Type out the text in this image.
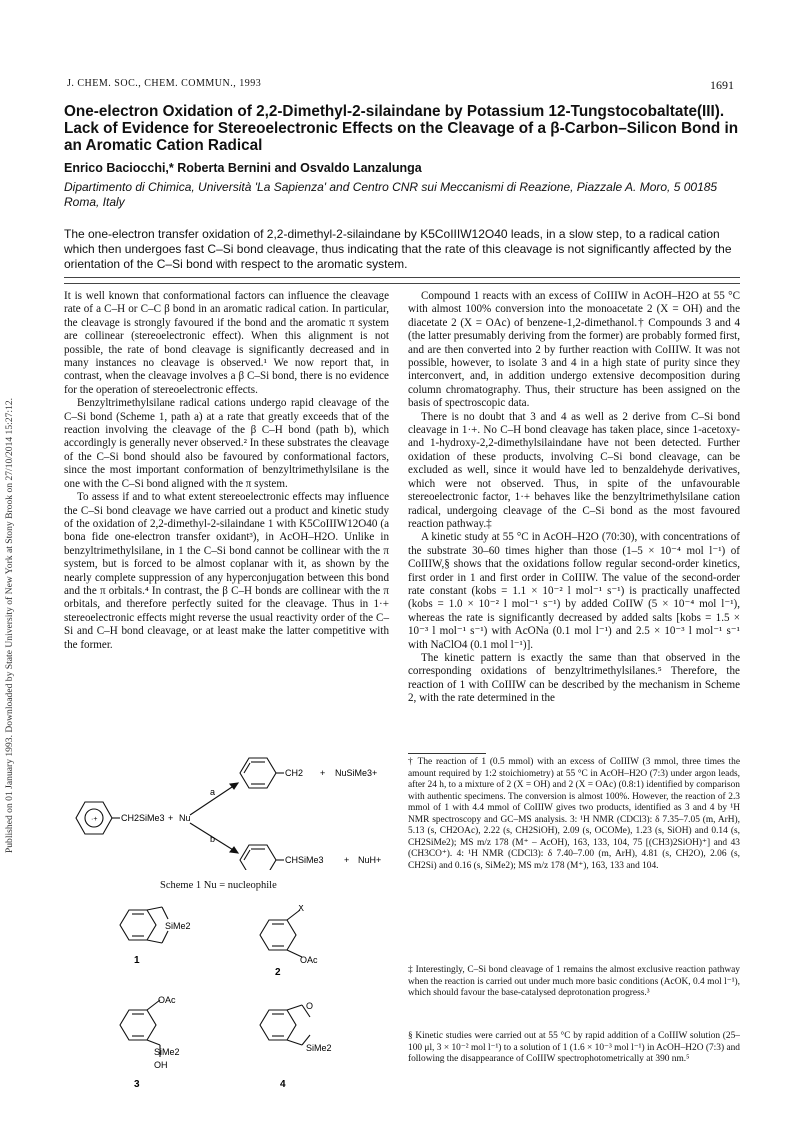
Published on 01 January 1993. Downloaded by State University of New York at Stony Brook on 27/10/2014 15:27:12.
J. CHEM. SOC., CHEM. COMMUN., 1993	1691
One-electron Oxidation of 2,2-Dimethyl-2-silaindane by Potassium 12-Tungstocobaltate(III). Lack of Evidence for Stereoelectronic Effects on the Cleavage of a β-Carbon–Silicon Bond in an Aromatic Cation Radical
Enrico Baciocchi,* Roberta Bernini and Osvaldo Lanzalunga
Dipartimento di Chimica, Università 'La Sapienza' and Centro CNR sui Meccanismi di Reazione, Piazzale A. Moro, 5 00185 Roma, Italy
The one-electron transfer oxidation of 2,2-dimethyl-2-silaindane by K5CoIIIW12O40 leads, in a slow step, to a radical cation which then undergoes fast C–Si bond cleavage, thus indicating that the rate of this cleavage is not significantly affected by the orientation of the C–Si bond with respect to the aromatic system.

It is well known that conformational factors can influence the cleavage rate of a C–H or C–C β bond in an aromatic radical cation. In particular, the cleavage is strongly favoured if the bond and the aromatic π system are collinear (stereoelectronic effect). When this alignment is not possible, the rate of bond cleavage is significantly decreased and in many instances no cleavage is observed.¹ We now report that, in contrast, when the cleavage involves a β C–Si bond, there is no evidence for the operation of stereoelectronic effects.

Benzyltrimethylsilane radical cations undergo rapid cleavage of the C–Si bond (Scheme 1, path a) at a rate that greatly exceeds that of the reaction involving the cleavage of the β C–H bond (path b), which accordingly is generally never observed.² In these substrates the cleavage of the C–Si bond should also be favoured by conformational factors, since the most important conformation of benzyltrimethylsilane is the one with the C–Si bond aligned with the π system.

To assess if and to what extent stereoelectronic effects may influence the C–Si bond cleavage we have carried out a product and kinetic study of the oxidation of 2,2-dimethyl-2-silaindane 1 with K5CoIIIW12O40 (a bona fide one-electron transfer oxidant³), in AcOH–H2O. Unlike in benzyltrimethylsilane, in 1 the C–Si bond cannot be collinear with the π system, but is forced to be almost coplanar with it, as shown by the nearly complete suppression of any hyperconjugation between this bond and the π orbitals.⁴ In contrast, the β C–H bonds are collinear with the π orbitals, and therefore perfectly suited for the cleavage. Thus in 1·+ stereoelectronic effects might reverse the usual reactivity order of the C–Si and C–H bond cleavage, or at least make the latter competitive with the former.

Compound 1 reacts with an excess of CoIIIW in AcOH–H2O at 55 °C with almost 100% conversion into the monoacetate 2 (X = OH) and the diacetate 2 (X = OAc) of benzene-1,2-dimethanol.† Compounds 3 and 4 (the latter presumably deriving from the former) are probably formed first, and are then converted into 2 by further reaction with CoIIIW. It was not possible, however, to isolate 3 and 4 in a high state of purity since they interconvert, and, in addition undergo extensive decomposition during column chromatography. Thus, their structure has been assigned on the basis of spectroscopic data.

There is no doubt that 3 and 4 as well as 2 derive from C–Si bond cleavage in 1·+. No C–H bond cleavage has taken place, since 1-acetoxy- and 1-hydroxy-2,2-dimethylsilaindane have not been detected. Further oxidation of these products, involving C–Si bond cleavage, can be excluded as well, since it would have led to benzaldehyde derivatives, which were not observed. Thus, in spite of the unfavourable stereoelectronic factor, 1·+ behaves like the benzyltrimethylsilane cation radical, undergoing cleavage of the C–Si bond as the most favoured reaction pathway.‡

A kinetic study at 55 °C in AcOH–H2O (70:30), with concentrations of the substrate 30–60 times higher than those (1–5 × 10⁻⁴ mol l⁻¹) of CoIIIW,§ shows that the oxidations follow regular second-order kinetics, first order in 1 and first order in CoIIIW. The value of the second-order rate constant (kobs = 1.1 × 10⁻² l mol⁻¹ s⁻¹) is practically unaffected (kobs = 1.0 × 10⁻² l mol⁻¹ s⁻¹) by added CoIIW (5 × 10⁻⁴ mol l⁻¹), whereas the rate is significantly decreased by added salts [kobs = 1.5 × 10⁻³ l mol⁻¹ s⁻¹) with AcONa (0.1 mol l⁻¹) and 2.5 × 10⁻³ l mol⁻¹ s⁻¹ with NaClO4 (0.1 mol l⁻¹)].

The kinetic pattern is exactly the same than that observed in the corresponding oxidations of benzyltrimethylsilanes.⁵ Therefore, the reaction of 1 with CoIIIW can be described by the mechanism in Scheme 2, with the rate determined in the

† The reaction of 1 (0.5 mmol) with an excess of CoIIIW (3 mmol, three times the amount required by 1:2 stoichiometry) at 55 °C in AcOH–H2O (7:3) under argon leads, after 24 h, to a mixture of 2 (X = OH) and 2 (X = OAc) (0.8:1) identified by comparison with authentic specimens. The conversion is almost 100%. However, the reaction of 2.3 mmol of 1 with 4.4 mmol of CoIIIW gives two products, identified as 3 and 4 by ¹H NMR spectroscopy and GC–MS analysis. 3: ¹H NMR (CDCl3): δ 7.35–7.05 (m, ArH), 5.13 (s, CH2OAc), 2.22 (s, CH2SiOH), 2.09 (s, OCOMe), 1.23 (s, SiOH) and 0.14 (s, CH2SiMe2); MS m/z 178 (M⁺ – AcOH), 163, 133, 104, 75 [(CH3)2SiOH)⁺] and 43 (CH3CO⁺). 4: ¹H NMR (CDCl3): δ 7.40–7.00 (m, ArH), 4.81 (s, CH2O), 2.06 (s, CH2Si) and 0.16 (s, SiMe2); MS m/z 178 (M⁺), 163, 133 and 104.
‡ Interestingly, C–Si bond cleavage of 1 remains the almost exclusive reaction pathway when the reaction is carried out under much more basic conditions (AcOK, 0.4 mol l⁻¹), which should favour the base-catalysed deprotonation progress.³
§ Kinetic studies were carried out at 55 °C by rapid addition of a CoIIIW solution (25–100 μl, 3 × 10⁻² mol l⁻¹) to a solution of 1 (1.6 × 10⁻³ mol l⁻¹) in AcOH–H2O (7:3) and following the disappearance of CoIIIW spectrophotometrically at 390 nm.⁵
·+	CH2SiMe3 + Nu
a
b
CH2 + NuSiMe3+
CHSiMe3 + NuH+
Scheme 1 Nu = nucleophile
SiMe2
1
X
OAc
2
OAc
SiMe2
OH
3
O
SiMe2
4
